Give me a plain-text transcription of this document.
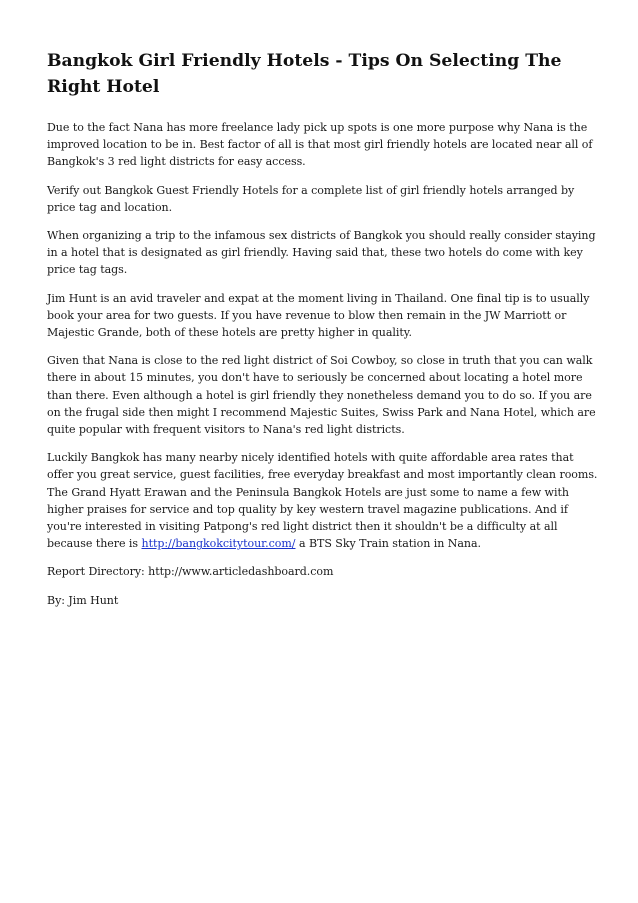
Bangkok Girl Friendly Hotels - Tips On Selecting The Right Hotel

Due to the fact Nana has more freelance lady pick up spots is one more purpose why Nana is the improved location to be in. Best factor of all is that most girl friendly hotels are located near all of Bangkok's 3 red light districts for easy access.

Verify out Bangkok Guest Friendly Hotels for a complete list of girl friendly hotels arranged by price tag and location.

When organizing a trip to the infamous sex districts of Bangkok you should really consider staying in a hotel that is designated as girl friendly. Having said that, these two hotels do come with key price tag tags.

Jim Hunt is an avid traveler and expat at the moment living in Thailand. One final tip is to usually book your area for two guests. If you have revenue to blow then remain in the JW Marriott or Majestic Grande, both of these hotels are pretty higher in quality.

Given that Nana is close to the red light district of Soi Cowboy, so close in truth that you can walk there in about 15 minutes, you don't have to seriously be concerned about locating a hotel more than there. Even although a hotel is girl friendly they nonetheless demand you to do so. If you are on the frugal side then might I recommend Majestic Suites, Swiss Park and Nana Hotel, which are quite popular with frequent visitors to Nana's red light districts.

Luckily Bangkok has many nearby nicely identified hotels with quite affordable area rates that offer you great service, guest facilities, free everyday breakfast and most importantly clean rooms. The Grand Hyatt Erawan and the Peninsula Bangkok Hotels are just some to name a few with higher praises for service and top quality by key western travel magazine publications. And if you're interested in visiting Patpong's red light district then it shouldn't be a difficulty at all because there is http://bangkokcitytour.com/ a BTS Sky Train station in Nana.

Report Directory: http://www.articledashboard.com

By: Jim Hunt
